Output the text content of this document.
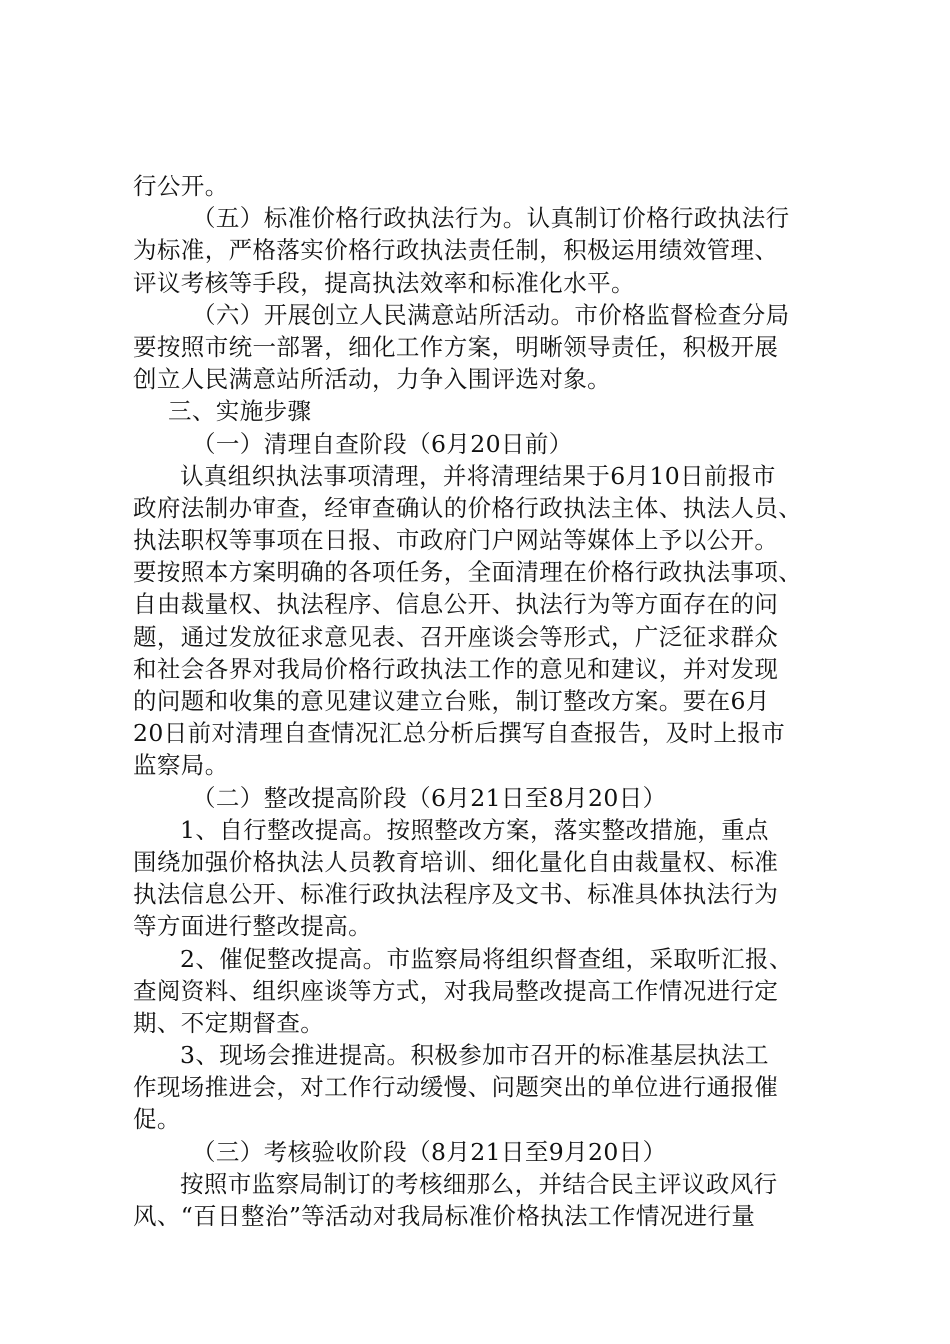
行公开。
（五）标准价格行政执法行为。认真制订价格行政执法行
为标准，严格落实价格行政执法责任制，积极运用绩效管理、
评议考核等手段，提高执法效率和标准化水平。
（六）开展创立人民满意站所活动。市价格监督检查分局
要按照市统一部署，细化工作方案，明晰领导责任，积极开展
创立人民满意站所活动，力争入围评选对象。
三、实施步骤
（一）清理自查阶段（6月20日前）
认真组织执法事项清理，并将清理结果于6月10日前报市
政府法制办审查，经审查确认的价格行政执法主体、执法人员、
执法职权等事项在日报、市政府门户网站等媒体上予以公开。
要按照本方案明确的各项任务，全面清理在价格行政执法事项、
自由裁量权、执法程序、信息公开、执法行为等方面存在的问
题，通过发放征求意见表、召开座谈会等形式，广泛征求群众
和社会各界对我局价格行政执法工作的意见和建议，并对发现
的问题和收集的意见建议建立台账，制订整改方案。要在6月
20日前对清理自查情况汇总分析后撰写自查报告，及时上报市
监察局。
（二）整改提高阶段（6月21日至8月20日）
1、自行整改提高。按照整改方案，落实整改措施，重点
围绕加强价格执法人员教育培训、细化量化自由裁量权、标准
执法信息公开、标准行政执法程序及文书、标准具体执法行为
等方面进行整改提高。
2、催促整改提高。市监察局将组织督查组，采取听汇报、
查阅资料、组织座谈等方式，对我局整改提高工作情况进行定
期、不定期督查。
3、现场会推进提高。积极参加市召开的标准基层执法工
作现场推进会，对工作行动缓慢、问题突出的单位进行通报催
促。
（三）考核验收阶段（8月21日至9月20日）
按照市监察局制订的考核细那么，并结合民主评议政风行
风、“百日整治”等活动对我局标准价格执法工作情况进行量
